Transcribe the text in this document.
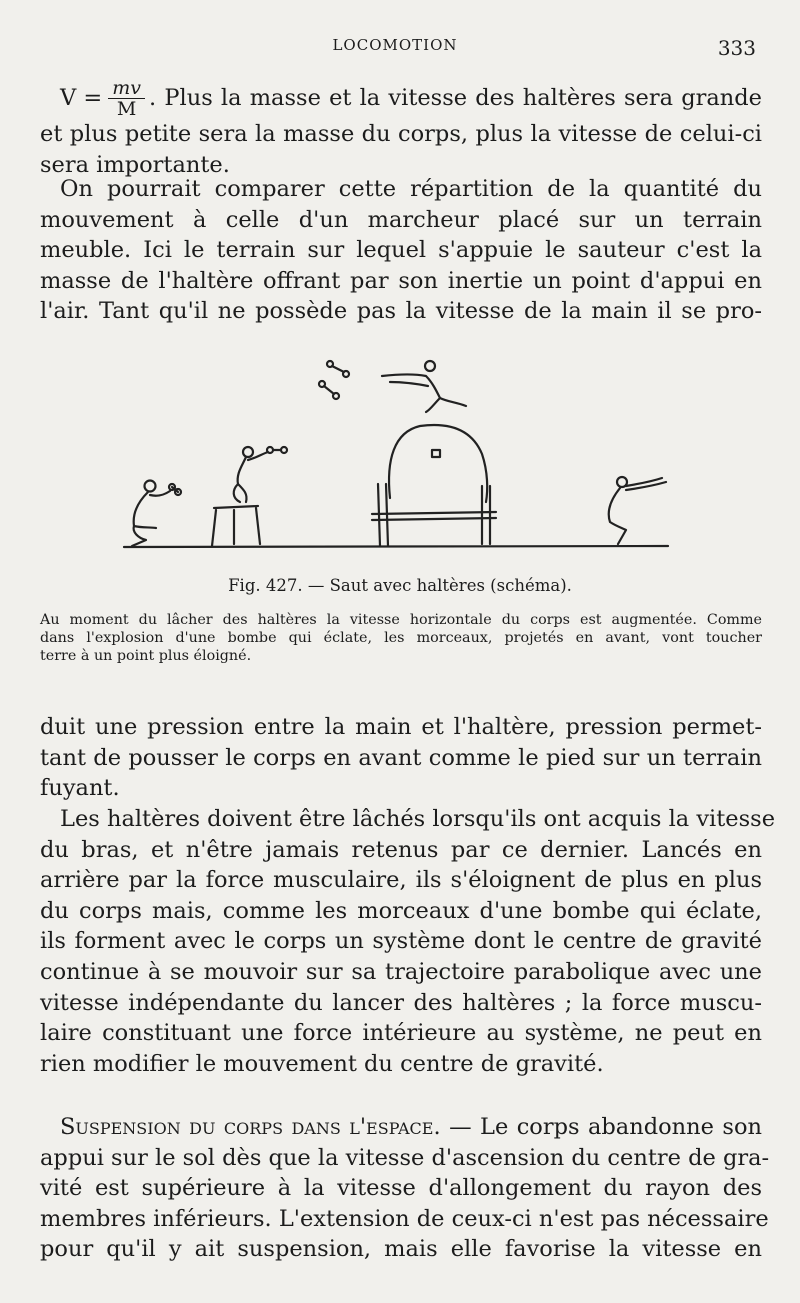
LOCOMOTION	333
$V = \frac{mv}{M}$ . Plus la masse et la vitesse des haltères sera grande
et plus petite sera la masse du corps, plus la vitesse de celui-ci
sera importante.
On pourrait comparer cette répartition de la quantité du
mouvement à celle d'un marcheur placé sur un terrain
meuble. Ici le terrain sur lequel s'appuie le sauteur c'est la
masse de l'haltère offrant par son inertie un point d'appui en
l'air. Tant qu'il ne possède pas la vitesse de la main il se pro-
Fig. 427. — Saut avec haltères (schéma).
Au moment du lâcher des haltères la vitesse horizontale du corps est augmentée. Comme
dans l'explosion d'une bombe qui éclate, les morceaux, projetés en avant, vont toucher
terre à un point plus éloigné.
duit une pression entre la main et l'haltère, pression permet-
tant de pousser le corps en avant comme le pied sur un terrain
fuyant.
Les haltères doivent être lâchés lorsqu'ils ont acquis la vitesse
du bras, et n'être jamais retenus par ce dernier. Lancés en
arrière par la force musculaire, ils s'éloignent de plus en plus
du corps mais, comme les morceaux d'une bombe qui éclate,
ils forment avec le corps un système dont le centre de gravité
continue à se mouvoir sur sa trajectoire parabolique avec une
vitesse indépendante du lancer des haltères ; la force muscu-
laire constituant une force intérieure au système, ne peut en
rien modifier le mouvement du centre de gravité.
Suspension du corps dans l'espace. — Le corps abandonne son
appui sur le sol dès que la vitesse d'ascension du centre de gra-
vité est supérieure à la vitesse d'allongement du rayon des
membres inférieurs. L'extension de ceux-ci n'est pas nécessaire
pour qu'il y ait suspension, mais elle favorise la vitesse en
